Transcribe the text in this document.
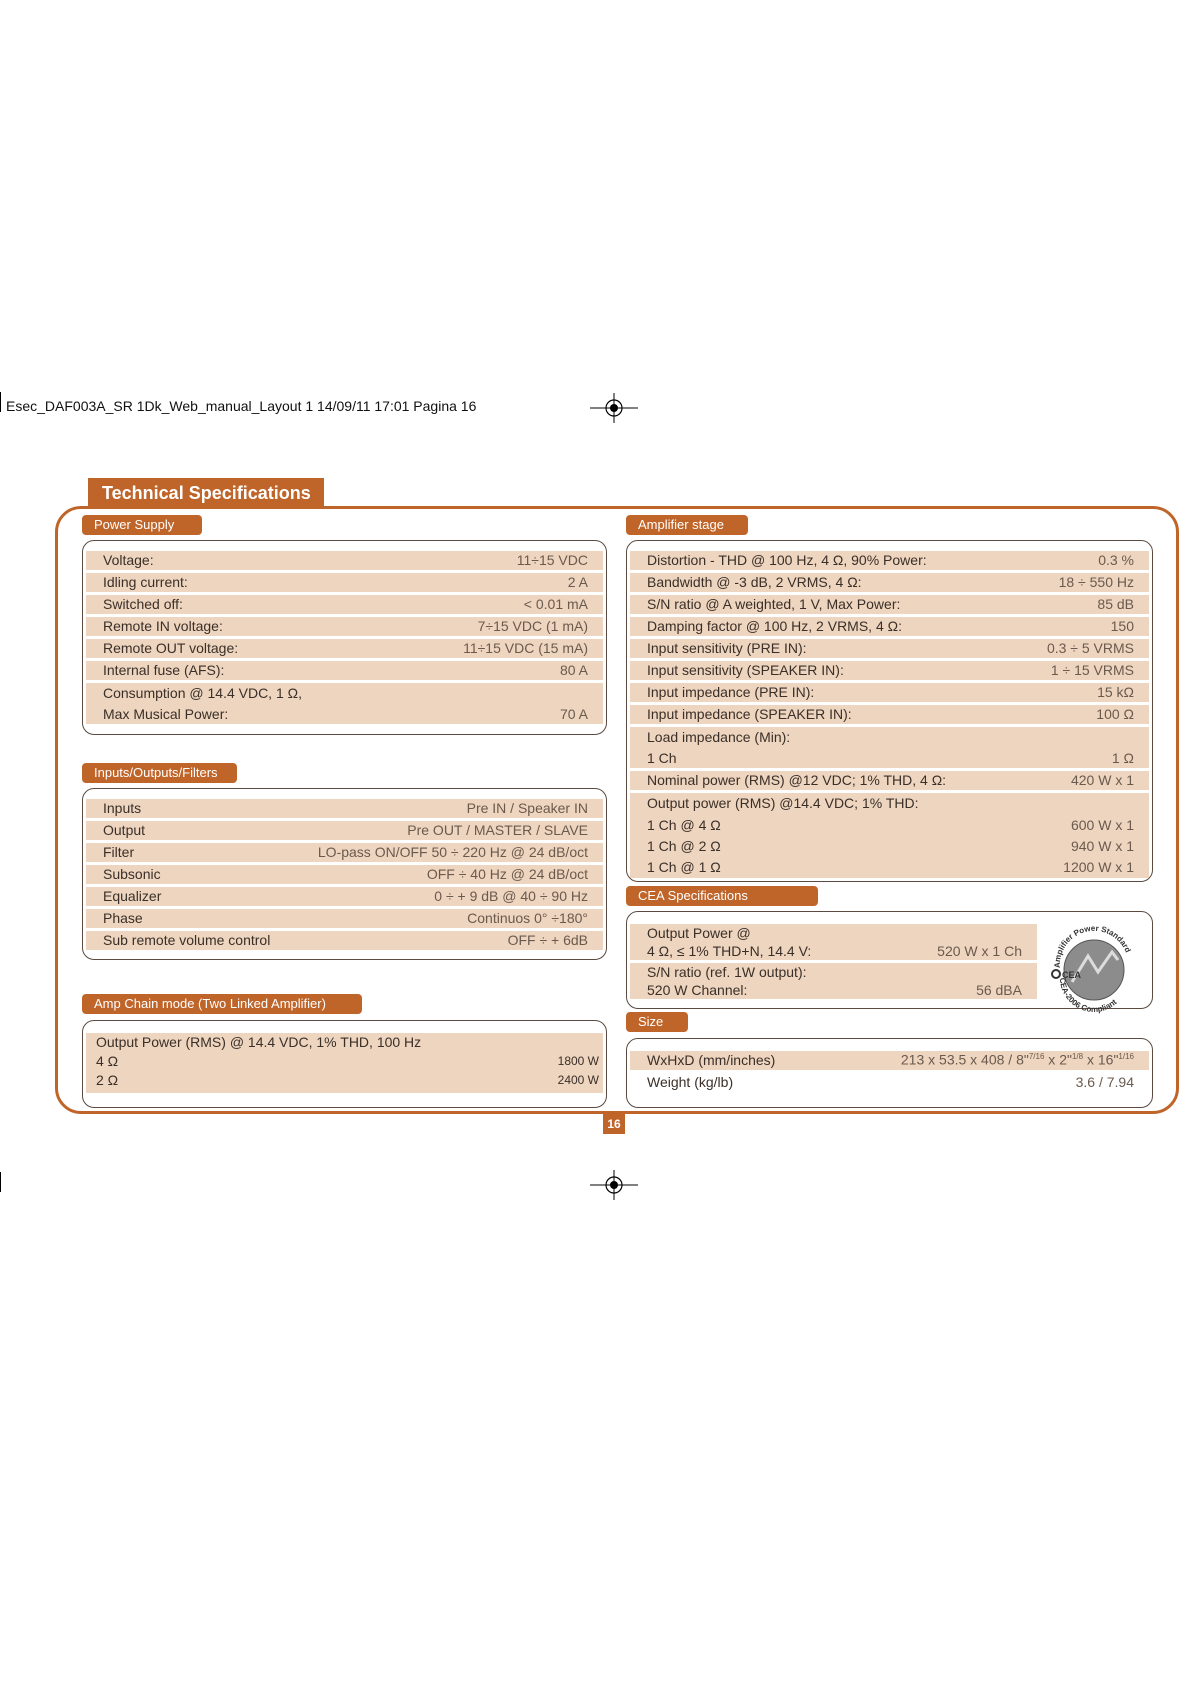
Esec_DAF003A_SR 1Dk_Web_manual_Layout 1 14/09/11 17:01 Pagina 16
Technical Specifications
Power Supply
Voltage:	11÷15 VDC
Idling current:	2 A
Switched off:	< 0.01 mA
Remote IN voltage:	7÷15 VDC (1 mA)
Remote OUT voltage:	11÷15 VDC (15 mA)
Internal fuse (AFS):	80 A
Consumption @ 14.4 VDC, 1 Ω,
Max Musical Power:	70 A
Inputs/Outputs/Filters
Inputs	Pre IN / Speaker IN
Output	Pre OUT / MASTER / SLAVE
Filter	LO-pass ON/OFF 50 ÷ 220 Hz @ 24 dB/oct
Subsonic	OFF ÷ 40 Hz @ 24 dB/oct
Equalizer	0 ÷ + 9 dB @ 40 ÷ 90 Hz
Phase	Continuos 0° ÷180°
Sub remote volume control	OFF ÷ + 6dB
Amp Chain mode (Two Linked Amplifier)
Output Power (RMS) @ 14.4 VDC, 1% THD, 100 Hz
4 Ω	1800 W
2 Ω	2400 W
Amplifier stage
Distortion - THD @ 100 Hz, 4 Ω, 90% Power:	0.3 %
Bandwidth @ -3 dB, 2 VRMS, 4 Ω:	18 ÷ 550 Hz
S/N ratio @ A weighted, 1 V, Max Power:	85 dB
Damping factor @ 100 Hz, 2 VRMS, 4 Ω:	150
Input sensitivity (PRE IN):	0.3 ÷ 5 VRMS
Input sensitivity (SPEAKER IN):	1 ÷ 15 VRMS
Input impedance (PRE IN):	15 kΩ
Input impedance (SPEAKER IN):	100 Ω
Load impedance (Min):
1 Ch	1 Ω
Nominal power (RMS) @12 VDC; 1% THD, 4 Ω:	420 W x 1
Output power (RMS) @14.4 VDC; 1% THD:
1 Ch @ 4 Ω	600 W x 1
1 Ch @ 2 Ω	940 W x 1
1 Ch @ 1 Ω	1200 W x 1
CEA Specifications
Output Power @
4 Ω, ≤ 1% THD+N, 14.4 V:	520 W x 1 Ch
S/N ratio (ref. 1W output):
520 W Channel:	56 dBA
CEA
Amplifier Power Standard
CEA-2006 Compliant
Size
WxHxD (mm/inches)	213 x 53.5 x 408 / 8"$^{7/16}$ x 2"$^{1/8}$ x 16"$^{1/16}$
Weight (kg/lb)	3.6 / 7.94
16
